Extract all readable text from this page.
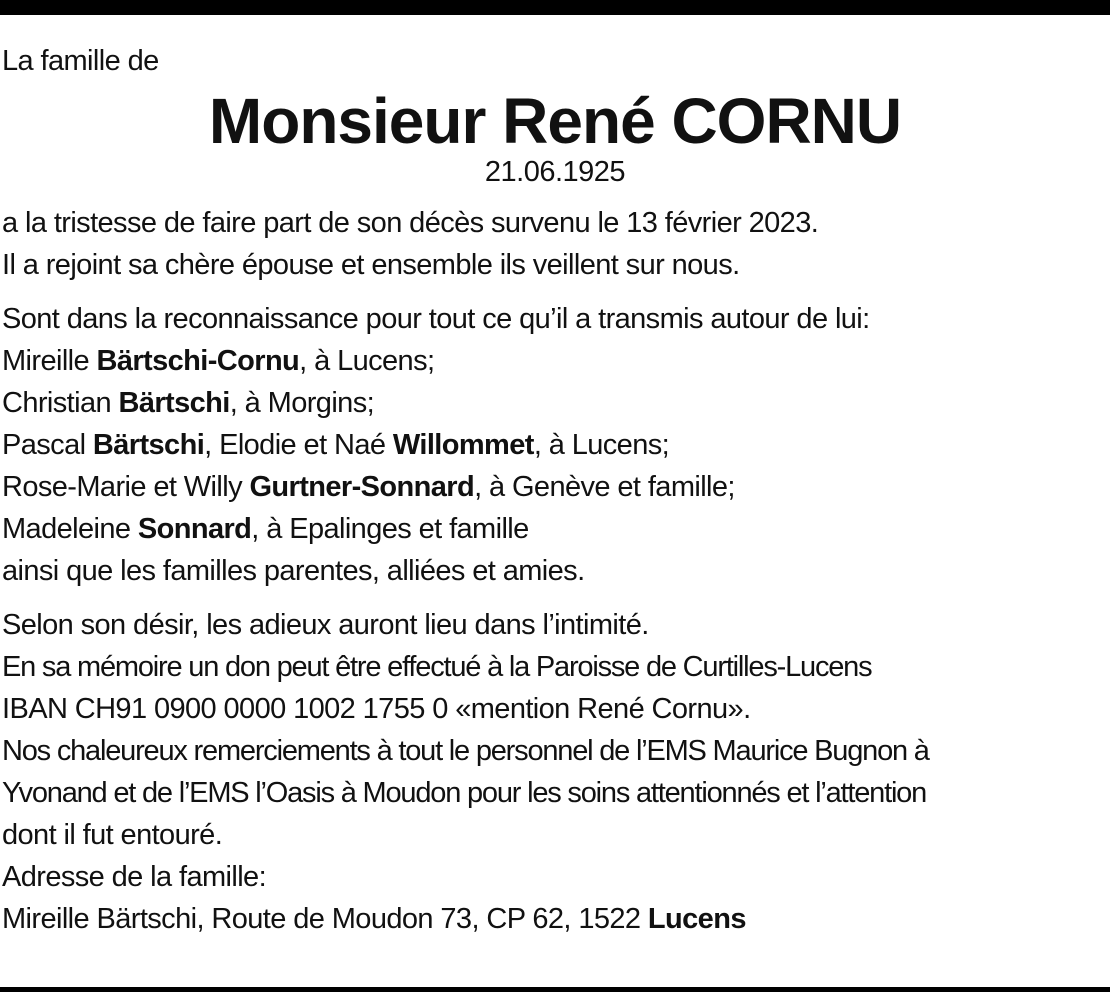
La famille de
Monsieur René CORNU
21.06.1925
a la tristesse de faire part de son décès survenu le 13 février 2023.
Il a rejoint sa chère épouse et ensemble ils veillent sur nous.
Sont dans la reconnaissance pour tout ce qu’il a transmis autour de lui:
Mireille Bärtschi-Cornu, à Lucens;
Christian Bärtschi, à Morgins;
Pascal Bärtschi, Elodie et Naé Willommet, à Lucens;
Rose-Marie et Willy Gurtner-Sonnard, à Genève et famille;
Madeleine Sonnard, à Epalinges et famille
ainsi que les familles parentes, alliées et amies.
Selon son désir, les adieux auront lieu dans l’intimité.
En sa mémoire un don peut être effectué à la Paroisse de Curtilles-Lucens
IBAN CH91 0900 0000 1002 1755 0 «mention René Cornu».
Nos chaleureux remerciements à tout le personnel de l’EMS Maurice Bugnon à
Yvonand et de l’EMS l’Oasis à Moudon pour les soins attentionnés et l’attention
dont il fut entouré.
Adresse de la famille:
Mireille Bärtschi, Route de Moudon 73, CP 62, 1522 Lucens
